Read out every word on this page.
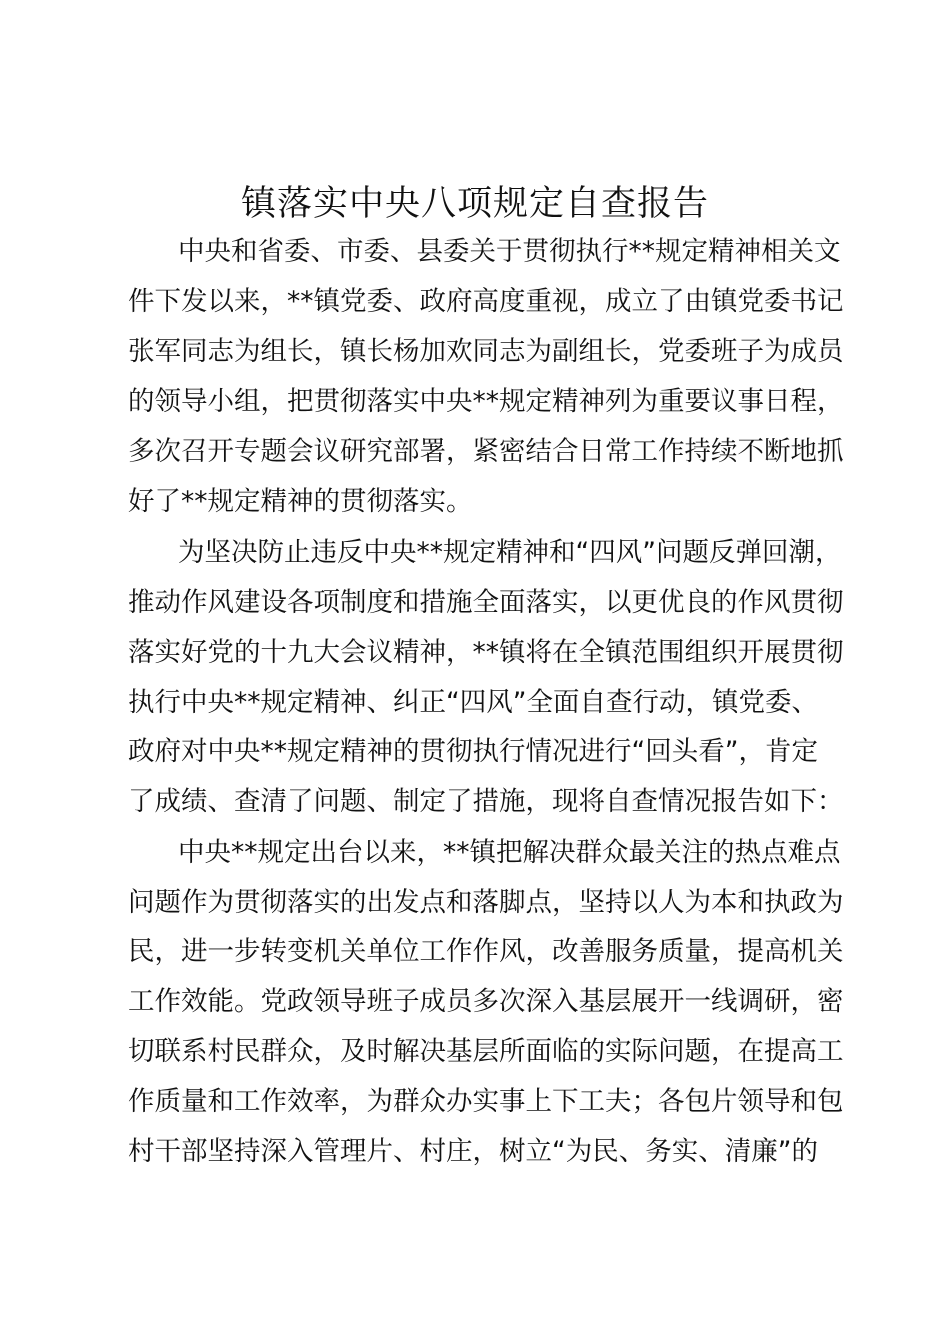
镇落实中央八项规定自查报告

中央和省委、市委、县委关于贯彻执行**规定精神相关文

件下发以来，**镇党委、政府高度重视，成立了由镇党委书记

张军同志为组长，镇长杨加欢同志为副组长，党委班子为成员

的领导小组，把贯彻落实中央**规定精神列为重要议事日程，

多次召开专题会议研究部署，紧密结合日常工作持续不断地抓

好了**规定精神的贯彻落实。

为坚决防止违反中央**规定精神和“四风”问题反弹回潮，

推动作风建设各项制度和措施全面落实，以更优良的作风贯彻

落实好党的十九大会议精神，**镇将在全镇范围组织开展贯彻

执行中央**规定精神、纠正“四风”全面自查行动，镇党委、

政府对中央**规定精神的贯彻执行情况进行“回头看”，肯定

了成绩、查清了问题、制定了措施，现将自查情况报告如下：

中央**规定出台以来，**镇把解决群众最关注的热点难点

问题作为贯彻落实的出发点和落脚点，坚持以人为本和执政为

民，进一步转变机关单位工作作风，改善服务质量，提高机关

工作效能。党政领导班子成员多次深入基层展开一线调研，密

切联系村民群众，及时解决基层所面临的实际问题，在提高工

作质量和工作效率，为群众办实事上下工夫；各包片领导和包

村干部坚持深入管理片、村庄，树立“为民、务实、清廉”的
